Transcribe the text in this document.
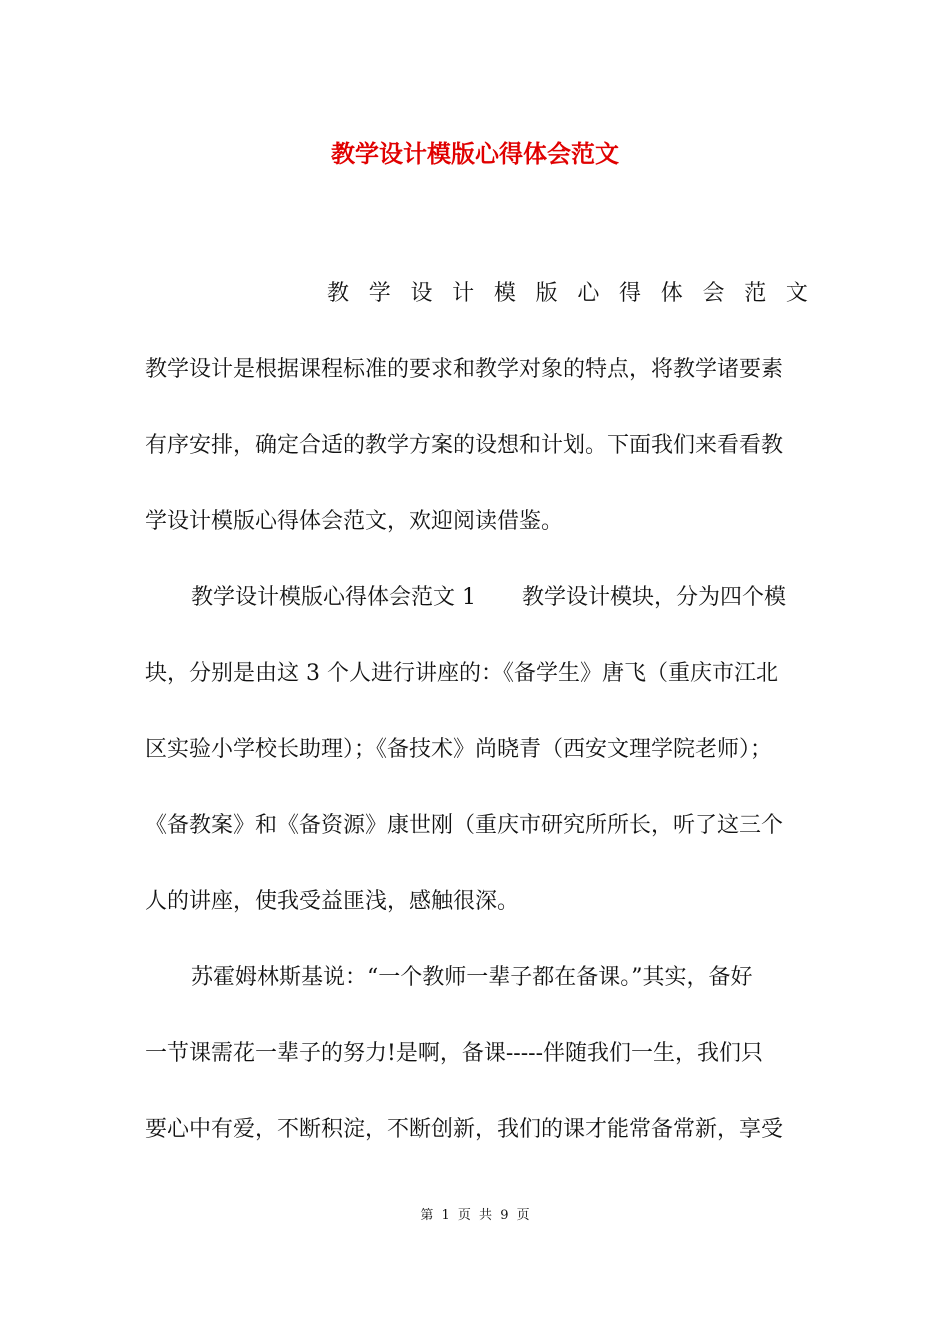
教学设计模版心得体会范文
教 学 设 计 模 版 心 得 体 会 范 文
教学设计是根据课程标准的要求和教学对象的特点，将教学诸要素
有序安排，确定合适的教学方案的设想和计划。下面我们来看看教
学设计模版心得体会范文，欢迎阅读借鉴。
教学设计模版心得体会范文 1 教学设计模块，分为四个模
块，分别是由这 3 个人进行讲座的：《备学生》唐飞（重庆市江北
区实验小学校长助理）；《备技术》尚晓青（西安文理学院老师）；
《备教案》和《备资源》康世刚（重庆市研究所所长，听了这三个
人的讲座，使我受益匪浅，感触很深。
苏霍姆林斯基说：“一个教师一辈子都在备课。”其实，备好
一节课需花一辈子的努力!是啊，备课-----伴随我们一生，我们只
要心中有爱，不断积淀，不断创新，我们的课才能常备常新，享受
第 1 页 共 9 页
